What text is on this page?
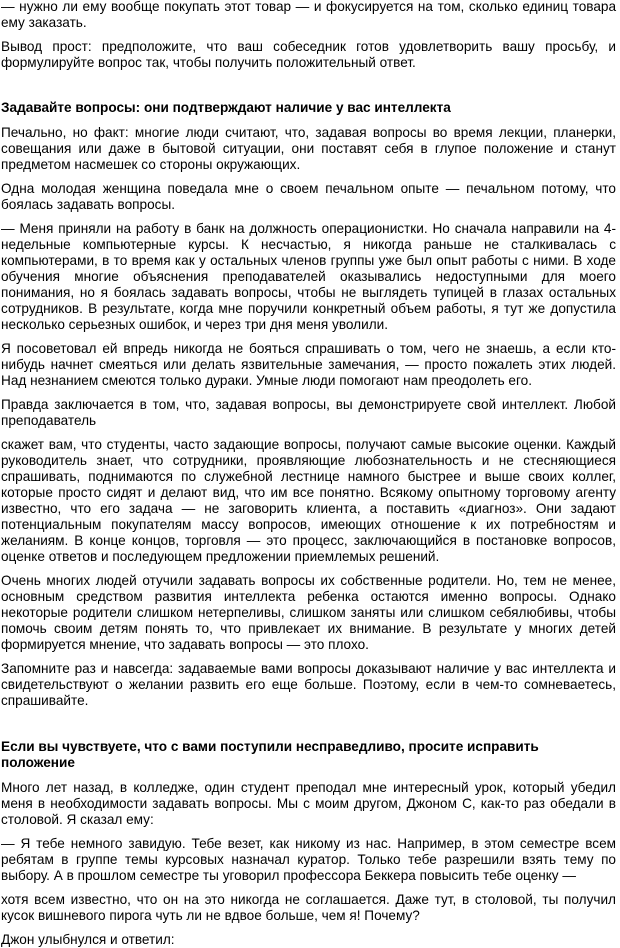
— нужно ли ему вообще покупать этот товар — и фокусируется на том, сколько единиц товара ему заказать.

Вывод прост: предположите, что ваш собеседник готов удовлетворить вашу просьбу, и формулируйте вопрос так, чтобы получить положительный ответ.

Задавайте вопросы: они подтверждают наличие у вас интеллекта

Печально, но факт: многие люди считают, что, задавая вопросы во время лекции, планерки, совещания или даже в бытовой ситуации, они поставят себя в глупое положение и станут предметом насмешек со стороны окружающих.

Одна молодая женщина поведала мне о своем печальном опыте — печальном потому, что боялась задавать вопросы.

— Меня приняли на работу в банк на должность операционистки. Но сначала направили на 4-недельные компьютерные курсы. К несчастью, я никогда раньше не сталкивалась с компьютерами, в то время как у остальных членов группы уже был опыт работы с ними. В ходе обучения многие объяснения преподавателей оказывались недоступными для моего понимания, но я боялась задавать вопросы, чтобы не выглядеть тупицей в глазах остальных сотрудников. В результате, когда мне поручили конкретный объем работы, я тут же допустила несколько серьезных ошибок, и через три дня меня уволили.

Я посоветовал ей впредь никогда не бояться спрашивать о том, чего не знаешь, а если кто-нибудь начнет смеяться или делать язвительные замечания, — просто пожалеть этих людей. Над незнанием смеются только дураки. Умные люди помогают нам преодолеть его.

Правда заключается в том, что, задавая вопросы, вы демонстрируете свой интеллект. Любой преподаватель

скажет вам, что студенты, часто задающие вопросы, получают самые высокие оценки. Каждый руководитель знает, что сотрудники, проявляющие любознательность и не стесняющиеся спрашивать, поднимаются по служебной лестнице намного быстрее и выше своих коллег, которые просто сидят и делают вид, что им все понятно. Всякому опытному торговому агенту известно, что его задача — не заговорить клиента, а поставить «диагноз». Они задают потенциальным покупателям массу вопросов, имеющих отношение к их потребностям и желаниям. В конце концов, торговля — это процесс, заключающийся в постановке вопросов, оценке ответов и последующем предложении приемлемых решений.

Очень многих людей отучили задавать вопросы их собственные родители. Но, тем не менее, основным средством развития интеллекта ребенка остаются именно вопросы. Однако некоторые родители слишком нетерпеливы, слишком заняты или слишком себялюбивы, чтобы помочь своим детям понять то, что привлекает их внимание. В результате у многих детей формируется мнение, что задавать вопросы — это плохо.

Запомните раз и навсегда: задаваемые вами вопросы доказывают наличие у вас интеллекта и свидетельствуют о желании развить его еще больше. Поэтому, если в чем-то сомневаетесь, спрашивайте.

Если вы чувствуете, что с вами поступили несправедливо, просите исправить положение

Много лет назад, в колледже, один студент преподал мне интересный урок, который убедил меня в необходимости задавать вопросы. Мы с моим другом, Джоном С, как-то раз обедали в столовой. Я сказал ему:

— Я тебе немного завидую. Тебе везет, как никому из нас. Например, в этом семестре всем ребятам в группе темы курсовых назначал куратор. Только тебе разрешили взять тему по выбору. А в прошлом семестре ты уговорил профессора Беккера повысить тебе оценку —

хотя всем известно, что он на это никогда не соглашается. Даже тут, в столовой, ты получил кусок вишневого пирога чуть ли не вдвое больше, чем я! Почему?

Джон улыбнулся и ответил:
